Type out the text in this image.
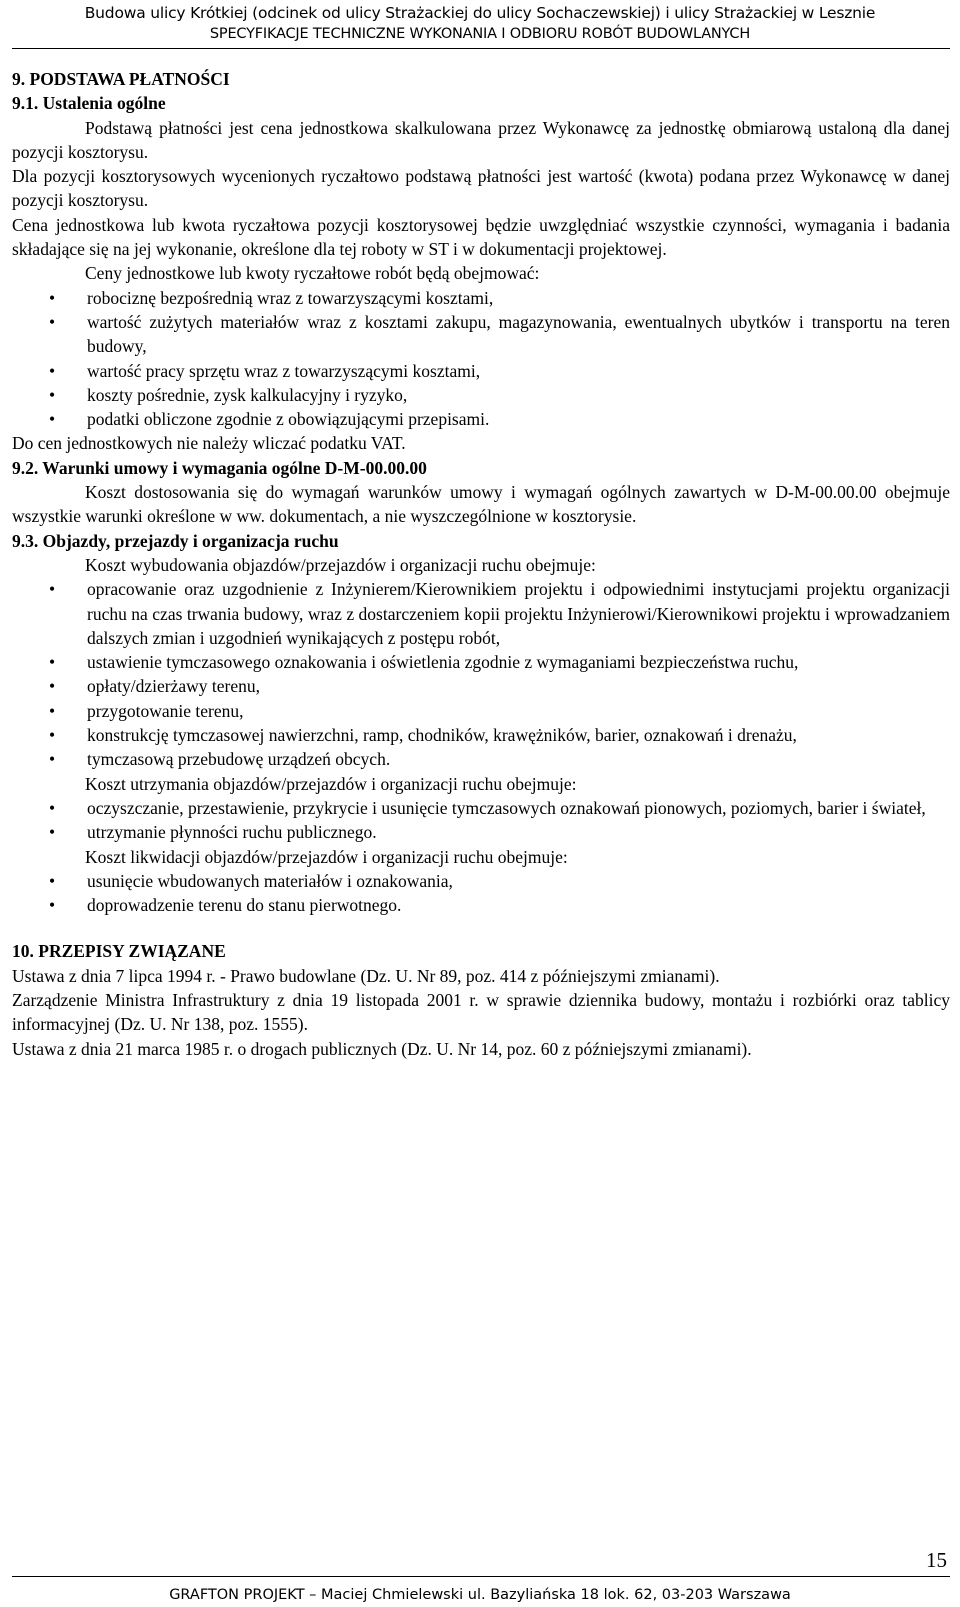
Budowa ulicy Krótkiej (odcinek od ulicy Strażackiej do ulicy Sochaczewskiej) i ulicy Strażackiej w Lesznie
SPECYFIKACJE TECHNICZNE WYKONANIA I ODBIORU ROBÓT BUDOWLANYCH

9. PODSTAWA PŁATNOŚCI

9.1. Ustalenia ogólne

Podstawą płatności jest cena jednostkowa skalkulowana przez Wykonawcę za jednostkę obmiarową ustaloną dla danej pozycji kosztorysu.

Dla pozycji kosztorysowych wycenionych ryczałtowo podstawą płatności jest wartość (kwota) podana przez Wykonawcę w danej pozycji kosztorysu.

Cena jednostkowa lub kwota ryczałtowa pozycji kosztorysowej będzie uwzględniać wszystkie czynności, wymagania i badania składające się na jej wykonanie, określone dla tej roboty w ST i w dokumentacji projektowej.

Ceny jednostkowe lub kwoty ryczałtowe robót będą obejmować:

• robociznę bezpośrednią wraz z towarzyszącymi kosztami,
• wartość zużytych materiałów wraz z kosztami zakupu, magazynowania, ewentualnych ubytków i transportu na teren budowy,
• wartość pracy sprzętu wraz z towarzyszącymi kosztami,
• koszty pośrednie, zysk kalkulacyjny i ryzyko,
• podatki obliczone zgodnie z obowiązującymi przepisami.

Do cen jednostkowych nie należy wliczać podatku VAT.

9.2. Warunki umowy i wymagania ogólne D-M-00.00.00

Koszt dostosowania się do wymagań warunków umowy i wymagań ogólnych zawartych w D-M-00.00.00 obejmuje wszystkie warunki określone w ww. dokumentach, a nie wyszczególnione w kosztorysie.

9.3. Objazdy, przejazdy i organizacja ruchu

Koszt wybudowania objazdów/przejazdów i organizacji ruchu obejmuje:

• opracowanie oraz uzgodnienie z Inżynierem/Kierownikiem projektu i odpowiednimi instytucjami projektu organizacji ruchu na czas trwania budowy, wraz z dostarczeniem kopii projektu Inżynierowi/Kierownikowi projektu i wprowadzaniem dalszych zmian i uzgodnień wynikających z postępu robót,
• ustawienie tymczasowego oznakowania i oświetlenia zgodnie z wymaganiami bezpieczeństwa ruchu,
• opłaty/dzierżawy terenu,
• przygotowanie terenu,
• konstrukcję tymczasowej nawierzchni, ramp, chodników, krawężników, barier, oznakowań i drenażu,
• tymczasową przebudowę urządzeń obcych.

Koszt utrzymania objazdów/przejazdów i organizacji ruchu obejmuje:

• oczyszczanie, przestawienie, przykrycie i usunięcie tymczasowych oznakowań pionowych, poziomych, barier i świateł,
• utrzymanie płynności ruchu publicznego.

Koszt likwidacji objazdów/przejazdów i organizacji ruchu obejmuje:

• usunięcie wbudowanych materiałów i oznakowania,
• doprowadzenie terenu do stanu pierwotnego.

10. PRZEPISY ZWIĄZANE

Ustawa z dnia 7 lipca 1994 r. - Prawo budowlane (Dz. U. Nr 89, poz. 414 z późniejszymi zmianami).

Zarządzenie Ministra Infrastruktury z dnia 19 listopada 2001 r. w sprawie dziennika budowy, montażu i rozbiórki oraz tablicy informacyjnej (Dz. U. Nr 138, poz. 1555).

Ustawa z dnia 21 marca 1985 r. o drogach publicznych (Dz. U. Nr 14, poz. 60 z późniejszymi zmianami).

15
GRAFTON PROJEKT – Maciej Chmielewski ul. Bazyliańska 18 lok. 62, 03-203 Warszawa
